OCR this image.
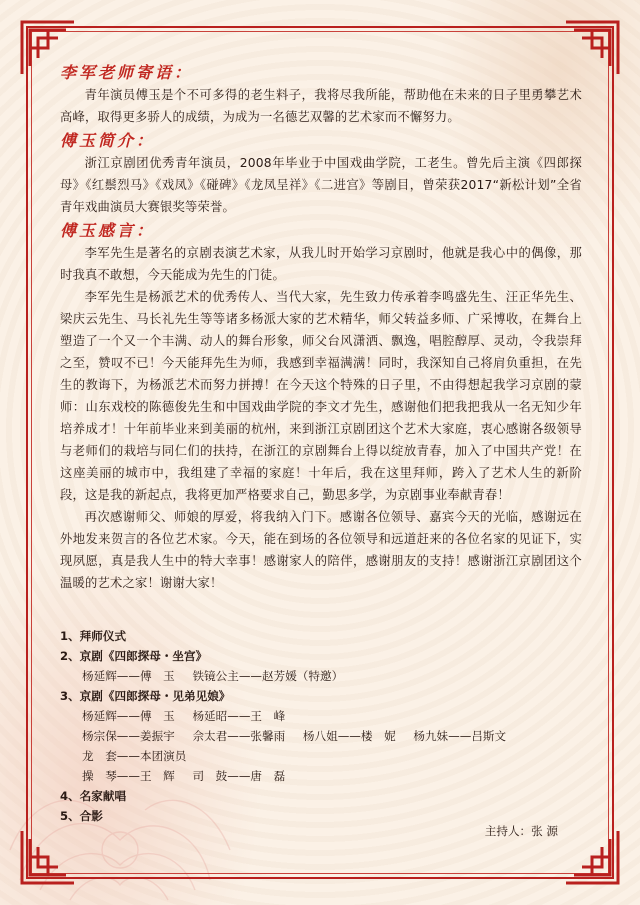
李军老师寄语：

青年演员傅玉是个不可多得的老生料子，我将尽我所能，帮助他在未来的日子里勇攀艺术高峰，取得更多骄人的成绩，为成为一名德艺双馨的艺术家而不懈努力。

傅玉简介：

浙江京剧团优秀青年演员，2008年毕业于中国戏曲学院，工老生。曾先后主演《四郎探母》《红鬃烈马》《戏凤》《碰碑》《龙凤呈祥》《二进宫》等剧目，曾荣获2017“新松计划”全省青年戏曲演员大赛银奖等荣誉。

傅玉感言：

李军先生是著名的京剧表演艺术家，从我儿时开始学习京剧时，他就是我心中的偶像，那时我真不敢想，今天能成为先生的门徒。

李军先生是杨派艺术的优秀传人、当代大家，先生致力传承着李鸣盛先生、汪正华先生、梁庆云先生、马长礼先生等等诸多杨派大家的艺术精华，师父转益多师、广采博收，在舞台上塑造了一个又一个丰满、动人的舞台形象，师父台风潇洒、飘逸，唱腔醇厚、灵动，令我崇拜之至，赞叹不已！今天能拜先生为师，我感到幸福满满！同时，我深知自己将肩负重担，在先生的教诲下，为杨派艺术而努力拼搏！在今天这个特殊的日子里，不由得想起我学习京剧的蒙师：山东戏校的陈德俊先生和中国戏曲学院的李文才先生，感谢他们把我把我从一名无知少年培养成才！十年前毕业来到美丽的杭州，来到浙江京剧团这个艺术大家庭，衷心感谢各级领导与老师们的栽培与同仁们的扶持，在浙江的京剧舞台上得以绽放青春，加入了中国共产党！在这座美丽的城市中，我组建了幸福的家庭！十年后，我在这里拜师，跨入了艺术人生的新阶段，这是我的新起点，我将更加严格要求自己，勤思多学，为京剧事业奉献青春！

再次感谢师父、师娘的厚爱，将我纳入门下。感谢各位领导、嘉宾今天的光临，感谢远在外地发来贺言的各位艺术家。今天，能在到场的各位领导和远道赶来的各位名家的见证下，实现夙愿，真是我人生中的特大幸事！感谢家人的陪伴，感谢朋友的支持！感谢浙江京剧团这个温暖的艺术之家！谢谢大家！

1、拜师仪式

2、京剧《四郎探母・坐宫》

杨延辉——傅　玉 铁镜公主——赵芳媛（特邀）

3、京剧《四郎探母・见弟见娘》

杨延辉——傅　玉 杨延昭——王　峰

杨宗保——姜振宇 佘太君——张馨雨 杨八姐——楼　妮 杨九妹——吕斯文

龙　套——本团演员

操　琴——王　辉 司　鼓——唐　磊

4、名家献唱

5、合影

主持人：张 源
